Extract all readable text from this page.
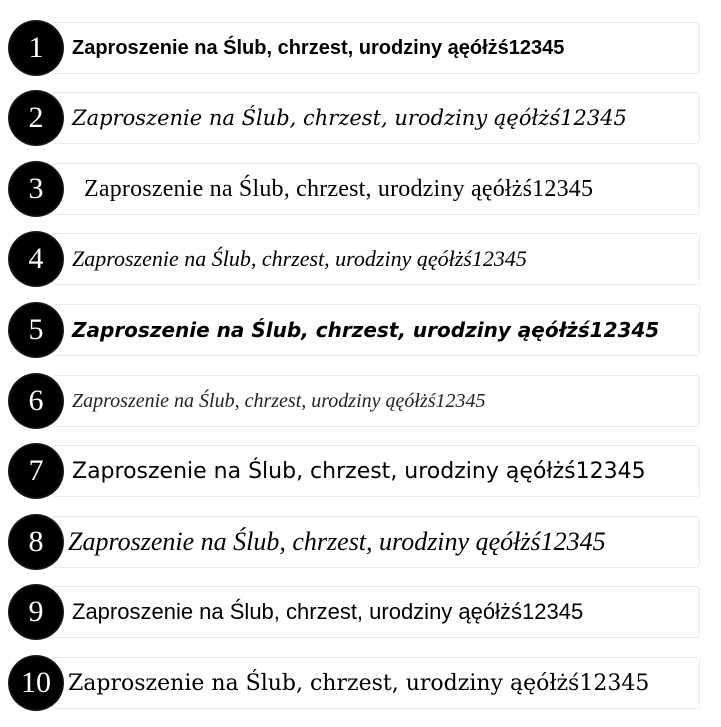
1 Zaproszenie na Ślub, chrzest, urodziny ąęółżś12345
2 Zaproszenie na Ślub, chrzest, urodziny ąęółżś12345
3 Zaproszenie na Ślub, chrzest, urodziny ąęółżś12345
4 Zaproszenie na Ślub, chrzest, urodziny ąęółżś12345
5 Zaproszenie na Ślub, chrzest, urodziny ąęółżś12345
6 Zaproszenie na Ślub, chrzest, urodziny ąęółżś12345
7 Zaproszenie na Ślub, chrzest, urodziny ąęółżś12345
8 Zaproszenie na Ślub, chrzest, urodziny ąęółżś12345
9 Zaproszenie na Ślub, chrzest, urodziny ąęółżś12345
10 Zaproszenie na Ślub, chrzest, urodziny ąęółżś12345
